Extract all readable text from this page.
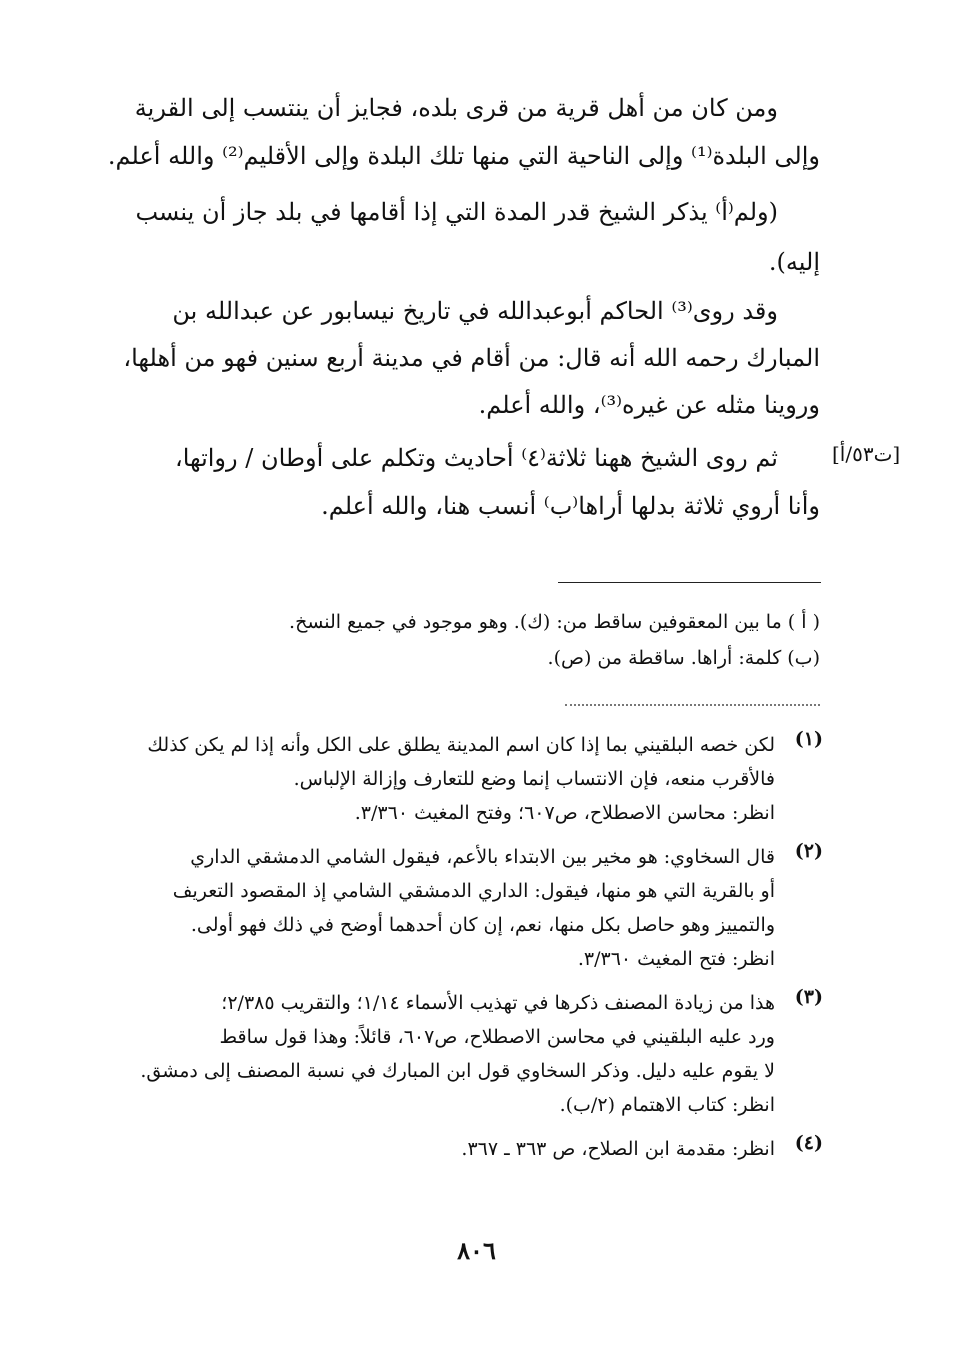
ومن كان من أهل قرية من قرى بلده، فجايز أن ينتسب إلى القرية
وإلى البلدة⁽¹⁾ وإلى الناحية التي منها تلك البلدة وإلى الأقليم⁽²⁾ والله أعلم.
(ولم⁽أ⁾ يذكر الشيخ قدر المدة التي إذا أقامها في بلد جاز أن ينسب
إليه).
وقد روى⁽³⁾ الحاكم أبوعبدالله في تاريخ نيسابور عن عبدالله بن
المبارك رحمه الله أنه قال: من أقام في مدينة أربع سنين فهو من أهلها،
وروينا مثله عن غيره⁽³⁾، والله أعلم.
ثم روى الشيخ ههنا ثلاثة⁽٤⁾ أحاديث وتكلم على أوطان / رواتها،
وأنا أروي ثلاثة بدلها أراها⁽ب⁾ أنسب هنا، والله أعلم.
[ت٥٣/أ]
( أ ) ما بين المعقوفين ساقط من: (ك). وهو موجود في جميع النسخ.
(ب) كلمة: أراها. ساقطة من (ص).
(١)
لكن خصه البلقيني بما إذا كان اسم المدينة يطلق على الكل وأنه إذا لم يكن كذلك
فالأقرب منعه، فإن الانتساب إنما وضع للتعارف وإزالة الإلباس.
انظر: محاسن الاصطلاح، ص٦٠٧؛ وفتح المغيث ٣/٣٦٠.
(٢)
قال السخاوي: هو مخير بين الابتداء بالأعم، فيقول الشامي الدمشقي الداري
أو بالقرية التي هو منها، فيقول: الداري الدمشقي الشامي إذ المقصود التعريف
والتمييز وهو حاصل بكل منها، نعم، إن كان أحدهما أوضح في ذلك فهو أولى.
انظر: فتح المغيث ٣/٣٦٠.
(٣)
هذا من زيادة المصنف ذكرها في تهذيب الأسماء ١/١٤؛ والتقريب ٢/٣٨٥؛
ورد عليه البلقيني في محاسن الاصطلاح، ص٦٠٧، قائلاً: وهذا قول ساقط
لا يقوم عليه دليل. وذكر السخاوي قول ابن المبارك في نسبة المصنف إلى دمشق.
انظر: كتاب الاهتمام (٢/ب).
(٤)
انظر: مقدمة ابن الصلاح، ص ٣٦٣ ـ ٣٦٧.
٨٠٦
